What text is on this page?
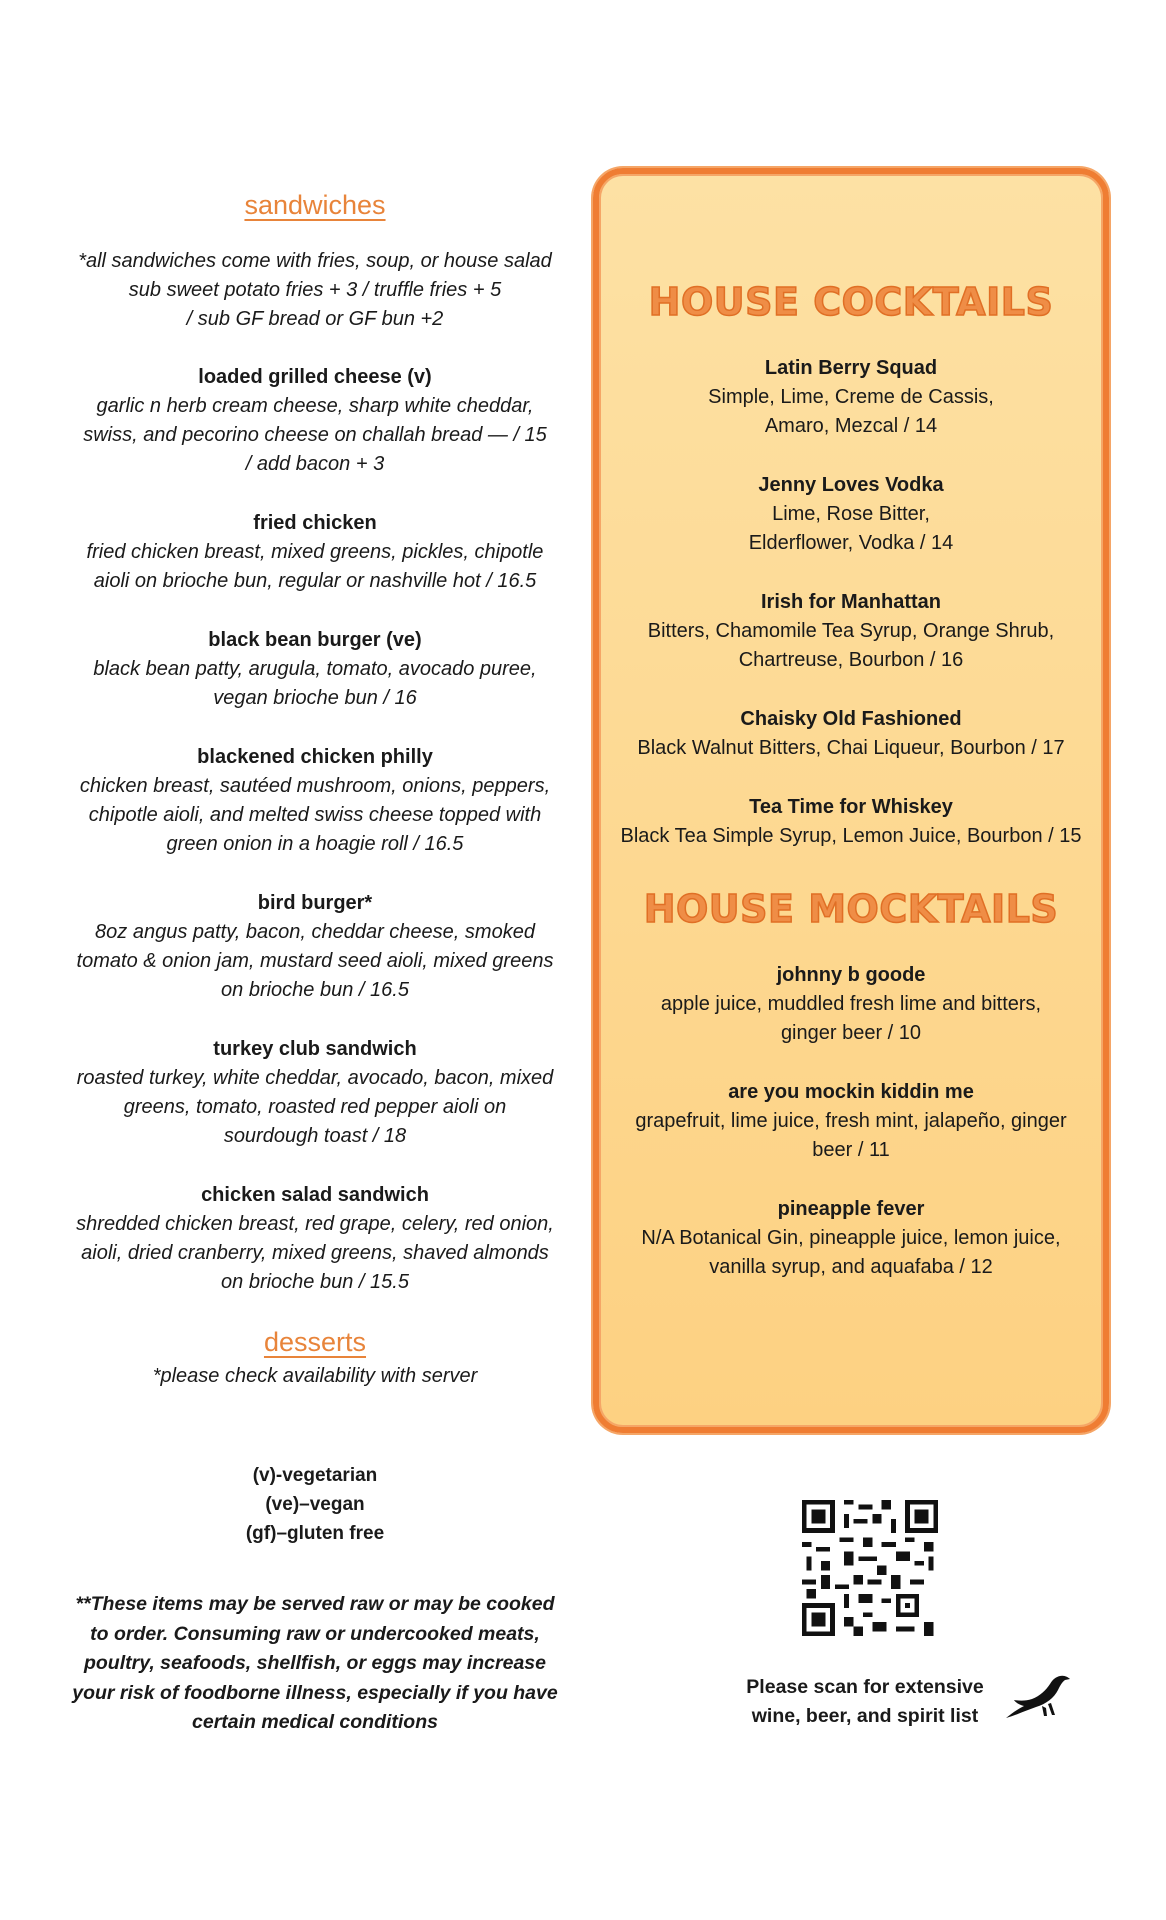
sandwiches
*all sandwiches come with fries, soup, or house salad
sub sweet potato fries + 3 / truffle fries + 5
/ sub GF bread or GF bun +2
loaded grilled cheese (v)
garlic n herb cream cheese, sharp white cheddar,
swiss, and pecorino cheese on challah bread — / 15
/ add bacon + 3
fried chicken
fried chicken breast, mixed greens, pickles, chipotle
aioli on brioche bun, regular or nashville hot / 16.5
black bean burger (ve)
black bean patty, arugula, tomato, avocado puree,
vegan brioche bun / 16
blackened chicken philly
chicken breast, sautéed mushroom, onions, peppers,
chipotle aioli, and melted swiss cheese topped with
green onion in a hoagie roll / 16.5
bird burger*
8oz angus patty, bacon, cheddar cheese, smoked
tomato & onion jam, mustard seed aioli, mixed greens
on brioche bun / 16.5
turkey club sandwich
roasted turkey, white cheddar, avocado, bacon, mixed
greens, tomato, roasted red pepper aioli on
sourdough toast / 18
chicken salad sandwich
shredded chicken breast, red grape, celery, red onion,
aioli, dried cranberry, mixed greens, shaved almonds
on brioche bun / 15.5
desserts
*please check availability with server
(v)-vegetarian
(ve)–vegan
(gf)–gluten free
**These items may be served raw or may be cooked
to order. Consuming raw or undercooked meats,
poultry, seafoods, shellfish, or eggs may increase
your risk of foodborne illness, especially if you have
certain medical conditions
HOUSE COCKTAILS
Latin Berry Squad
Simple, Lime, Creme de Cassis,
Amaro, Mezcal / 14
Jenny Loves Vodka
Lime, Rose Bitter,
Elderflower, Vodka / 14
Irish for Manhattan
Bitters, Chamomile Tea Syrup, Orange Shrub,
Chartreuse, Bourbon / 16
Chaisky Old Fashioned
Black Walnut Bitters, Chai Liqueur, Bourbon / 17
Tea Time for Whiskey
Black Tea Simple Syrup, Lemon Juice, Bourbon / 15
HOUSE MOCKTAILS
johnny b goode
apple juice, muddled fresh lime and bitters,
ginger beer / 10
are you mockin kiddin me
grapefruit, lime juice, fresh mint, jalapeño, ginger
beer / 11
pineapple fever
N/A Botanical Gin, pineapple juice, lemon juice,
vanilla syrup, and aquafaba / 12
Please scan for extensive
wine, beer, and spirit list
